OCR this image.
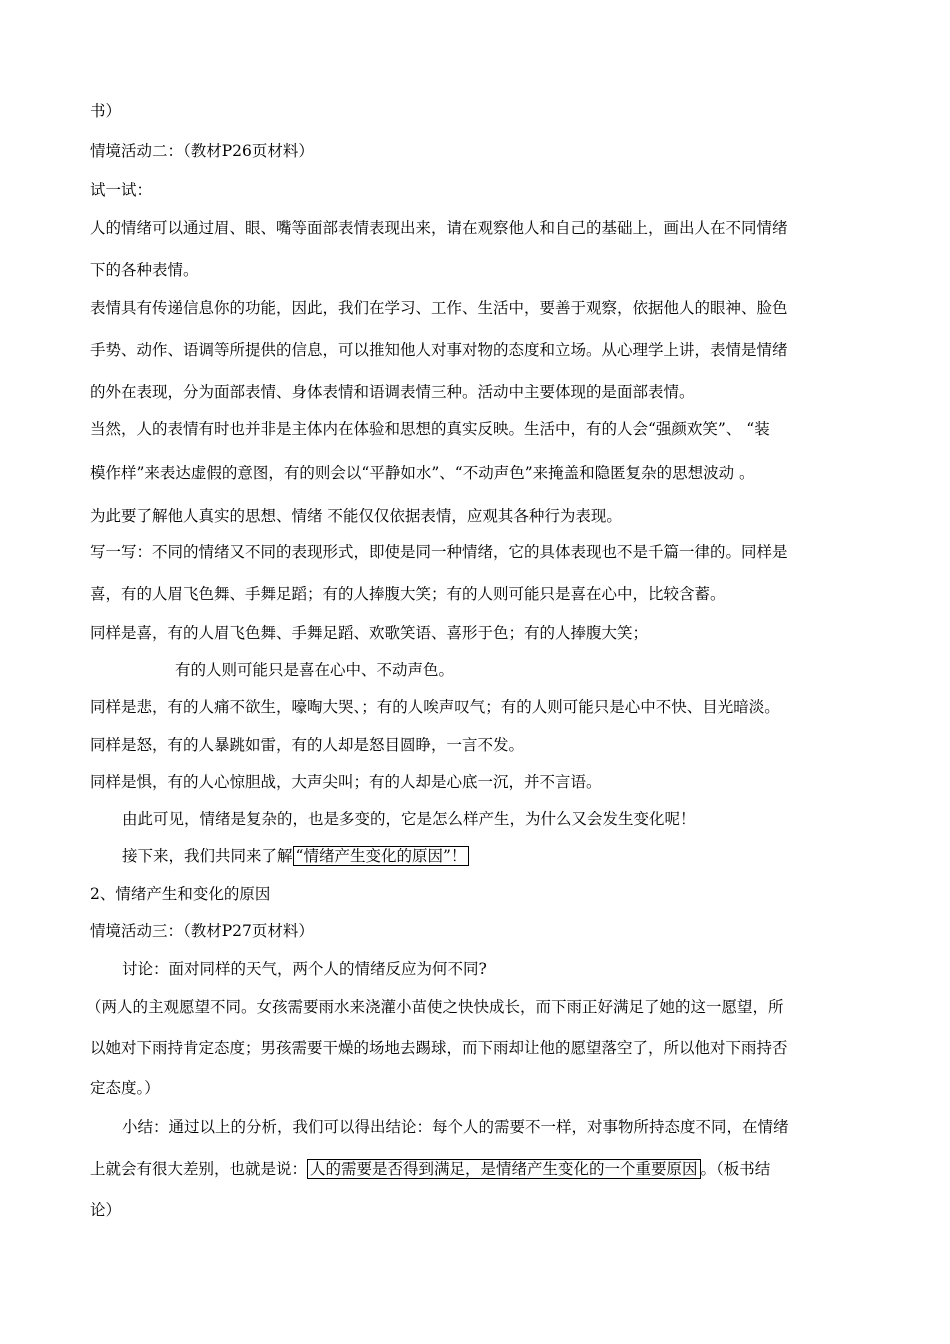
书）
情境活动二：（教材P26页材料）
试一试：
人的情绪可以通过眉、眼、嘴等面部表情表现出来，请在观察他人和自己的基础上，画出人在不同情绪
下的各种表情。
表情具有传递信息你的功能，因此，我们在学习、工作、生活中，要善于观察，依据他人的眼神、脸色
手势、动作、语调等所提供的信息，可以推知他人对事对物的态度和立场。从心理学上讲，表情是情绪
的外在表现，分为面部表情、身体表情和语调表情三种。活动中主要体现的是面部表情。
当然，人的表情有时也并非是主体内在体验和思想的真实反映。生活中，有的人会“强颜欢笑”、 “装
模作样”来表达虚假的意图，有的则会以“平静如水”、“不动声色”来掩盖和隐匿复杂的思想波动 。
为此要了解他人真实的思想、情绪 不能仅仅依据表情，应观其各种行为表现。
写一写：不同的情绪又不同的表现形式，即使是同一种情绪，它的具体表现也不是千篇一律的。同样是
喜，有的人眉飞色舞、手舞足蹈；有的人捧腹大笑；有的人则可能只是喜在心中，比较含蓄。
同样是喜，有的人眉飞色舞、手舞足蹈、欢歌笑语、喜形于色；有的人捧腹大笑；
有的人则可能只是喜在心中、不动声色。
同样是悲，有的人痛不欲生，嚎啕大哭、；有的人唉声叹气；有的人则可能只是心中不快、目光暗淡。
同样是怒，有的人暴跳如雷，有的人却是怒目圆睁，一言不发。
同样是惧，有的人心惊胆战，大声尖叫；有的人却是心底一沉，并不言语。
由此可见，情绪是复杂的，也是多变的，它是怎么样产生，为什么又会发生变化呢！
接下来，我们共同来了解 “情绪产生变化的原因”！
2、情绪产生和变化的原因
情境活动三：（教材P27页材料）
讨论：面对同样的天气，两个人的情绪反应为何不同?
（两人的主观愿望不同。女孩需要雨水来浇灌小苗使之快快成长，而下雨正好满足了她的这一愿望，所
以她对下雨持肯定态度；男孩需要干燥的场地去踢球，而下雨却让他的愿望落空了，所以他对下雨持否
定态度。）
小结：通过以上的分析，我们可以得出结论：每个人的需要不一样，对事物所持态度不同，在情绪
上就会有很大差别，也就是说： 人的需要是否得到满足，是情绪产生变化的一个重要原因 。（板书结
论）
